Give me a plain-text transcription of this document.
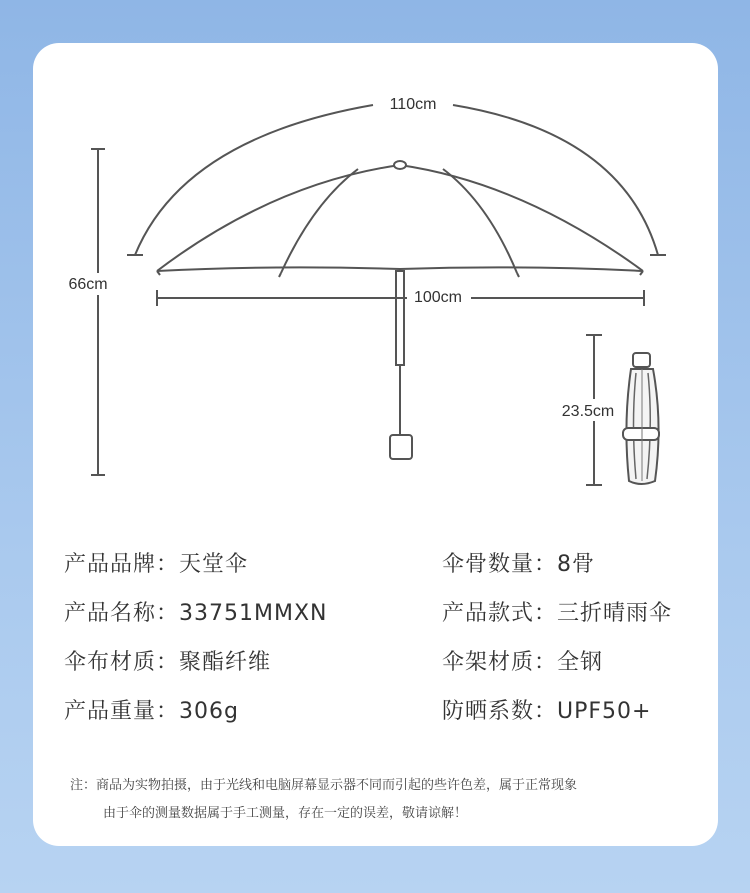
110cm
66cm
100cm
23.5cm
产品品牌：天堂伞	伞骨数量：8骨
产品名称：33751MMXN	产品款式：三折晴雨伞
伞布材质：聚酯纤维	伞架材质：全钢
产品重量：306g	防晒系数：UPF50+
注：商品为实物拍摄，由于光线和电脑屏幕显示器不同而引起的些许色差，属于正常现象
由于伞的测量数据属于手工测量，存在一定的误差，敬请谅解！
